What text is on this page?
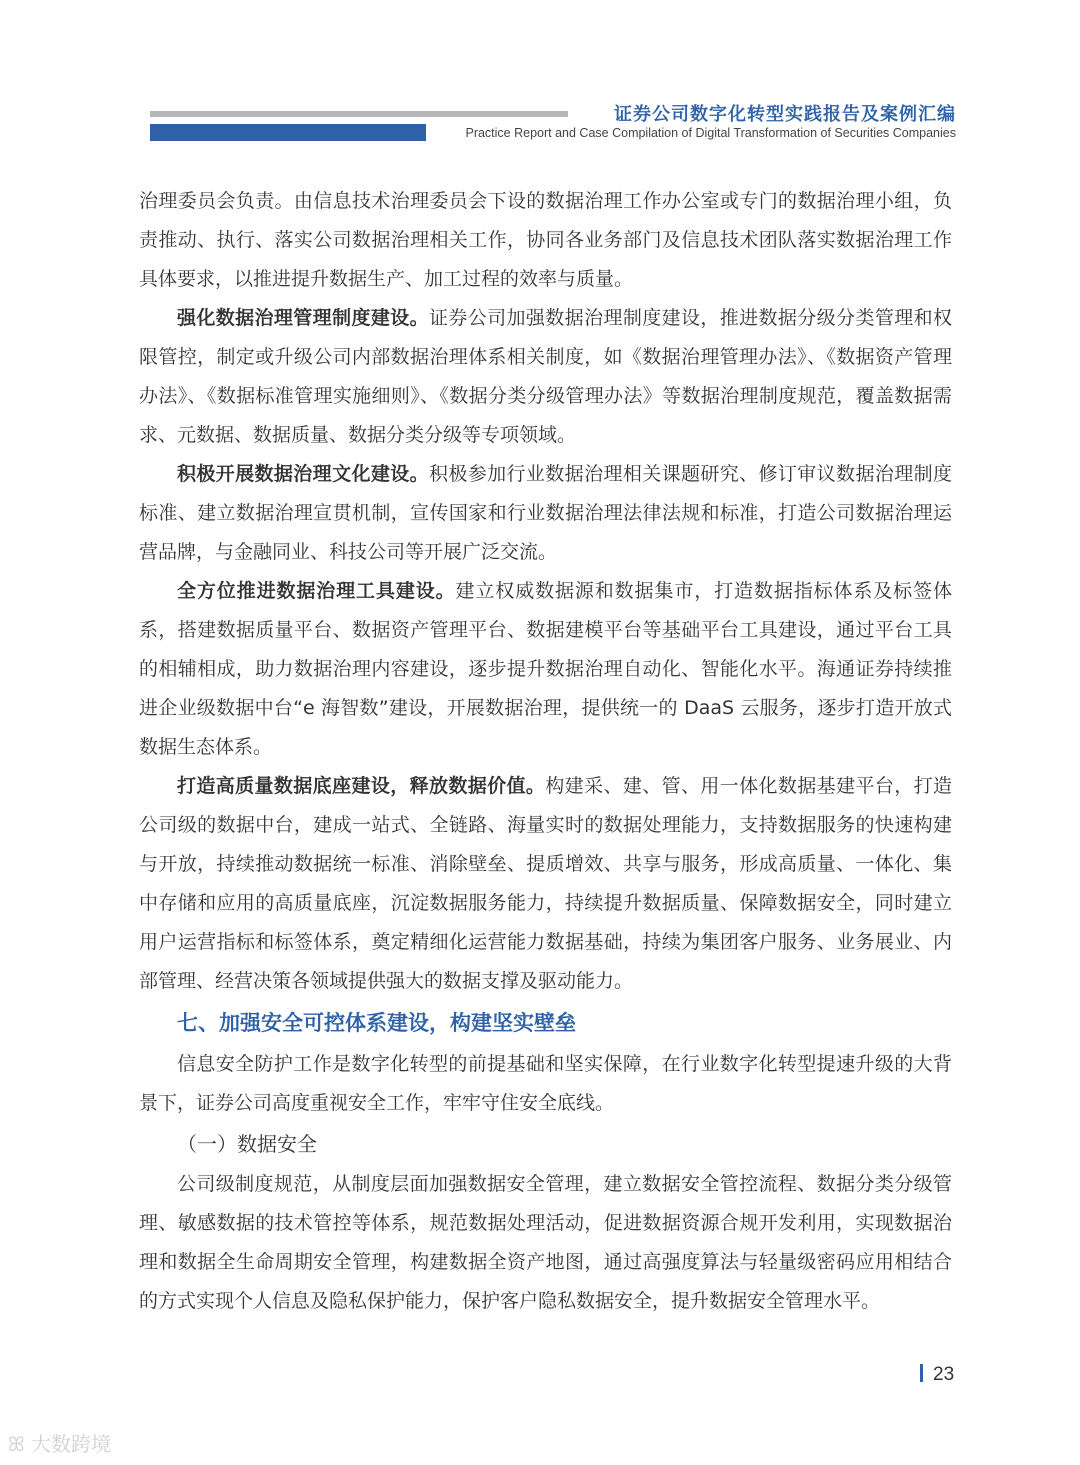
证券公司数字化转型实践报告及案例汇编
Practice Report and Case Compilation of Digital Transformation of Securities Companies

治理委员会负责。由信息技术治理委员会下设的数据治理工作办公室或专门的数据治理小组，负责推动、执行、落实公司数据治理相关工作，协同各业务部门及信息技术团队落实数据治理工作具体要求，以推进提升数据生产、加工过程的效率与质量。

强化数据治理管理制度建设。证券公司加强数据治理制度建设，推进数据分级分类管理和权限管控，制定或升级公司内部数据治理体系相关制度，如《数据治理管理办法》、《数据资产管理办法》、《数据标准管理实施细则》、《数据分类分级管理办法》等数据治理制度规范，覆盖数据需求、元数据、数据质量、数据分类分级等专项领域。

积极开展数据治理文化建设。积极参加行业数据治理相关课题研究、修订审议数据治理制度标准、建立数据治理宣贯机制，宣传国家和行业数据治理法律法规和标准，打造公司数据治理运营品牌，与金融同业、科技公司等开展广泛交流。

全方位推进数据治理工具建设。建立权威数据源和数据集市，打造数据指标体系及标签体系，搭建数据质量平台、数据资产管理平台、数据建模平台等基础平台工具建设，通过平台工具的相辅相成，助力数据治理内容建设，逐步提升数据治理自动化、智能化水平。海通证券持续推进企业级数据中台“e 海智数”建设，开展数据治理，提供统一的 DaaS 云服务，逐步打造开放式数据生态体系。

打造高质量数据底座建设，释放数据价值。构建采、建、管、用一体化数据基建平台，打造公司级的数据中台，建成一站式、全链路、海量实时的数据处理能力，支持数据服务的快速构建与开放，持续推动数据统一标准、消除壁垒、提质增效、共享与服务，形成高质量、一体化、集中存储和应用的高质量底座，沉淀数据服务能力，持续提升数据质量、保障数据安全，同时建立用户运营指标和标签体系，奠定精细化运营能力数据基础，持续为集团客户服务、业务展业、内部管理、经营决策各领域提供强大的数据支撑及驱动能力。

七、加强安全可控体系建设，构建坚实壁垒

信息安全防护工作是数字化转型的前提基础和坚实保障，在行业数字化转型提速升级的大背景下，证券公司高度重视安全工作，牢牢守住安全底线。

（一）数据安全

公司级制度规范，从制度层面加强数据安全管理，建立数据安全管控流程、数据分类分级管理、敏感数据的技术管控等体系，规范数据处理活动，促进数据资源合规开发利用，实现数据治理和数据全生命周期安全管理，构建数据全资产地图，通过高强度算法与轻量级密码应用相结合的方式实现个人信息及隐私保护能力，保护客户隐私数据安全，提升数据安全管理水平。

23
ꕤ 大数跨境
